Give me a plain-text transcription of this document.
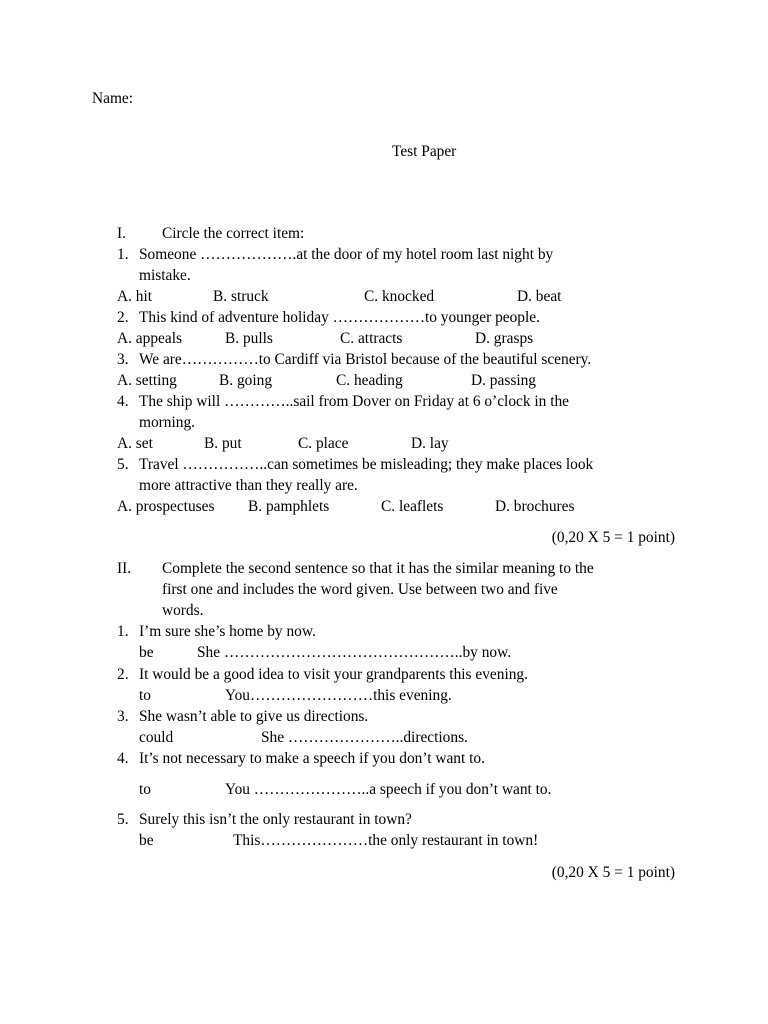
Name:
Test Paper
I. Circle the correct item:
1. Someone ……………….at the door of my hotel room last night by
mistake.
A. hit	B. struck	C. knocked	D. beat
2. This kind of adventure holiday ………………to younger people.
A. appeals	B. pulls	C. attracts	D. grasps
3. We are……………to Cardiff via Bristol because of the beautiful scenery.
A. setting	B. going	C. heading	D. passing
4. The ship will …………..sail from Dover on Friday at 6 o’clock in the
morning.
A. set	B. put	C. place	D. lay
5. Travel ……………..can sometimes be misleading; they make places look
more attractive than they really are.
A. prospectuses B. pamphlets	C. leaflets	D. brochures
(0,20 X 5 = 1 point)
II. Complete the second sentence so that it has the similar meaning to the
first one and includes the word given. Use between two and five
words.
1. I’m sure she’s home by now.
be	She ………………………………………..by now.
2. It would be a good idea to visit your grandparents this evening.
to	You……………………this evening.
3. She wasn’t able to give us directions.
could	She …………………..directions.
4. It’s not necessary to make a speech if you don’t want to.
to	You …………………..a speech if you don’t want to.
5. Surely this isn’t the only restaurant in town?
be	This…………………the only restaurant in town!
(0,20 X 5 = 1 point)
